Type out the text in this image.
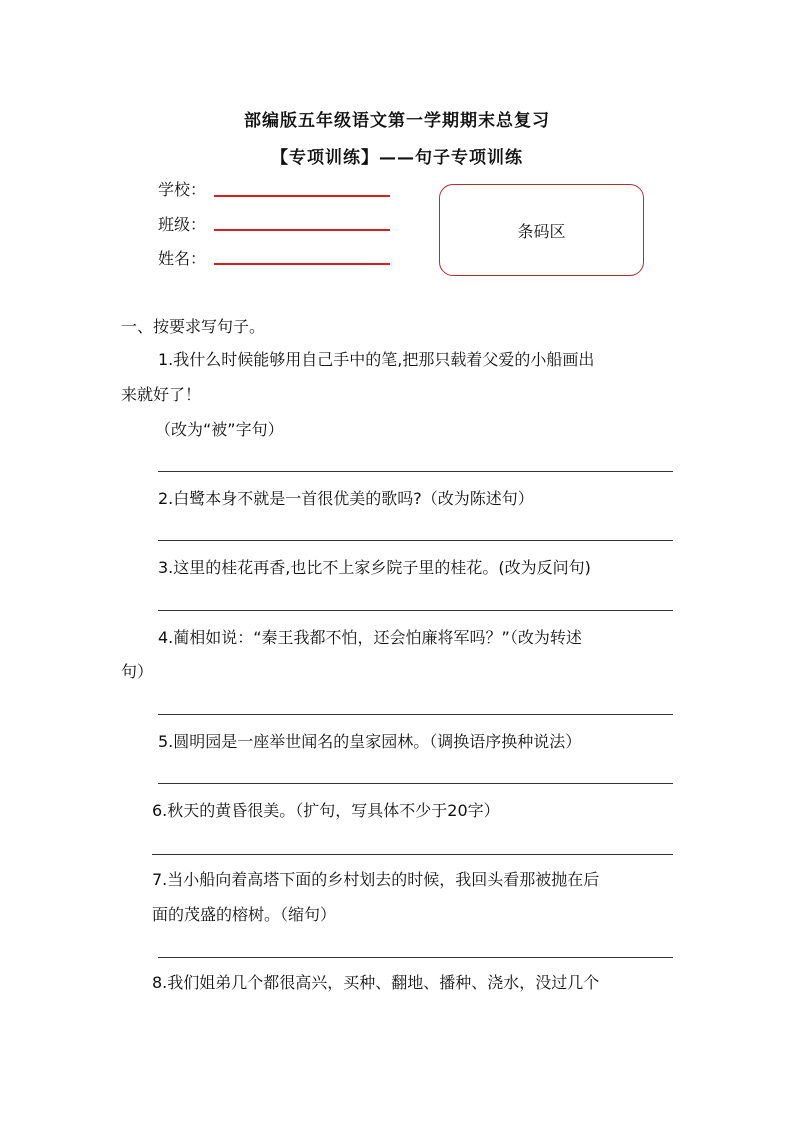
部编版五年级语文第一学期期末总复习
【专项训练】——句子专项训练
学校：
班级：
姓名：
条码区
一、按要求写句子。
1.我什么时候能够用自己手中的笔,把那只载着父爱的小船画出
来就好了！
（改为“被”字句）
2.白鹭本身不就是一首很优美的歌吗?（改为陈述句）
3.这里的桂花再香,也比不上家乡院子里的桂花。(改为反问句)
4.蔺相如说：“秦王我都不怕，还会怕廉将军吗？”（改为转述
句）
5.圆明园是一座举世闻名的皇家园林。（调换语序换种说法）
6.秋天的黄昏很美。（扩句，写具体不少于20字）
7.当小船向着高塔下面的乡村划去的时候，我回头看那被抛在后
面的茂盛的榕树。（缩句）
8.我们姐弟几个都很高兴，买种、翻地、播种、浇水，没过几个
